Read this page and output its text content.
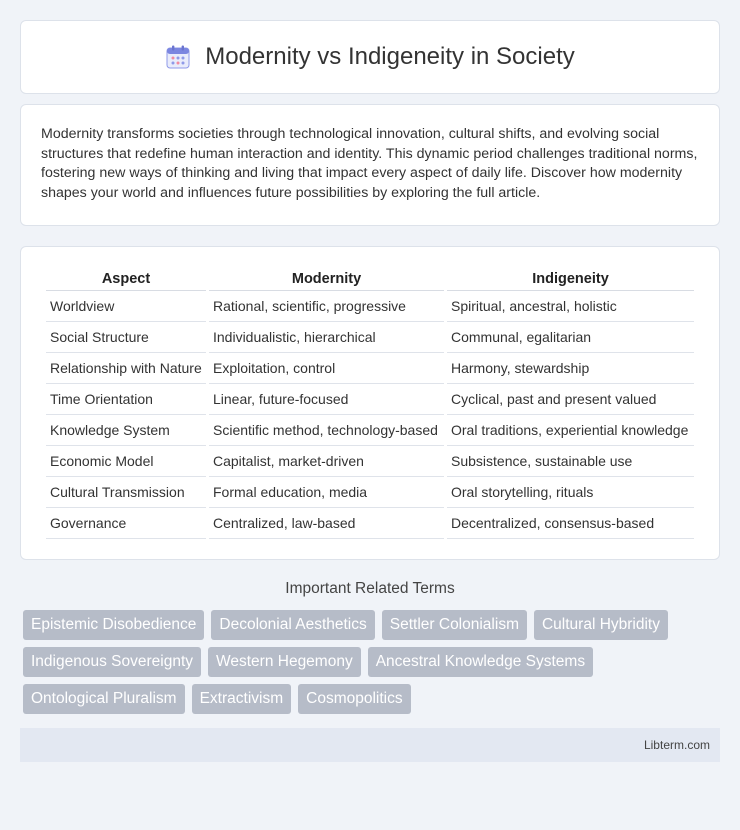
Modernity vs Indigeneity in Society

Modernity transforms societies through technological innovation, cultural shifts, and evolving social structures that redefine human interaction and identity. This dynamic period challenges traditional norms, fostering new ways of thinking and living that impact every aspect of daily life. Discover how modernity shapes your world and influences future possibilities by exploring the full article.

Aspect	Modernity	Indigeneity
Worldview	Rational, scientific, progressive	Spiritual, ancestral, holistic
Social Structure	Individualistic, hierarchical	Communal, egalitarian
Relationship with Nature	Exploitation, control	Harmony, stewardship
Time Orientation	Linear, future-focused	Cyclical, past and present valued
Knowledge System	Scientific method, technology-based	Oral traditions, experiential knowledge
Economic Model	Capitalist, market-driven	Subsistence, sustainable use
Cultural Transmission	Formal education, media	Oral storytelling, rituals
Governance	Centralized, law-based	Decentralized, consensus-based
Important Related Terms
Epistemic Disobedience	Decolonial Aesthetics	Settler Colonialism	Cultural Hybridity
Indigenous Sovereignty	Western Hegemony	Ancestral Knowledge Systems
Ontological Pluralism	Extractivism	Cosmopolitics
Libterm.com
